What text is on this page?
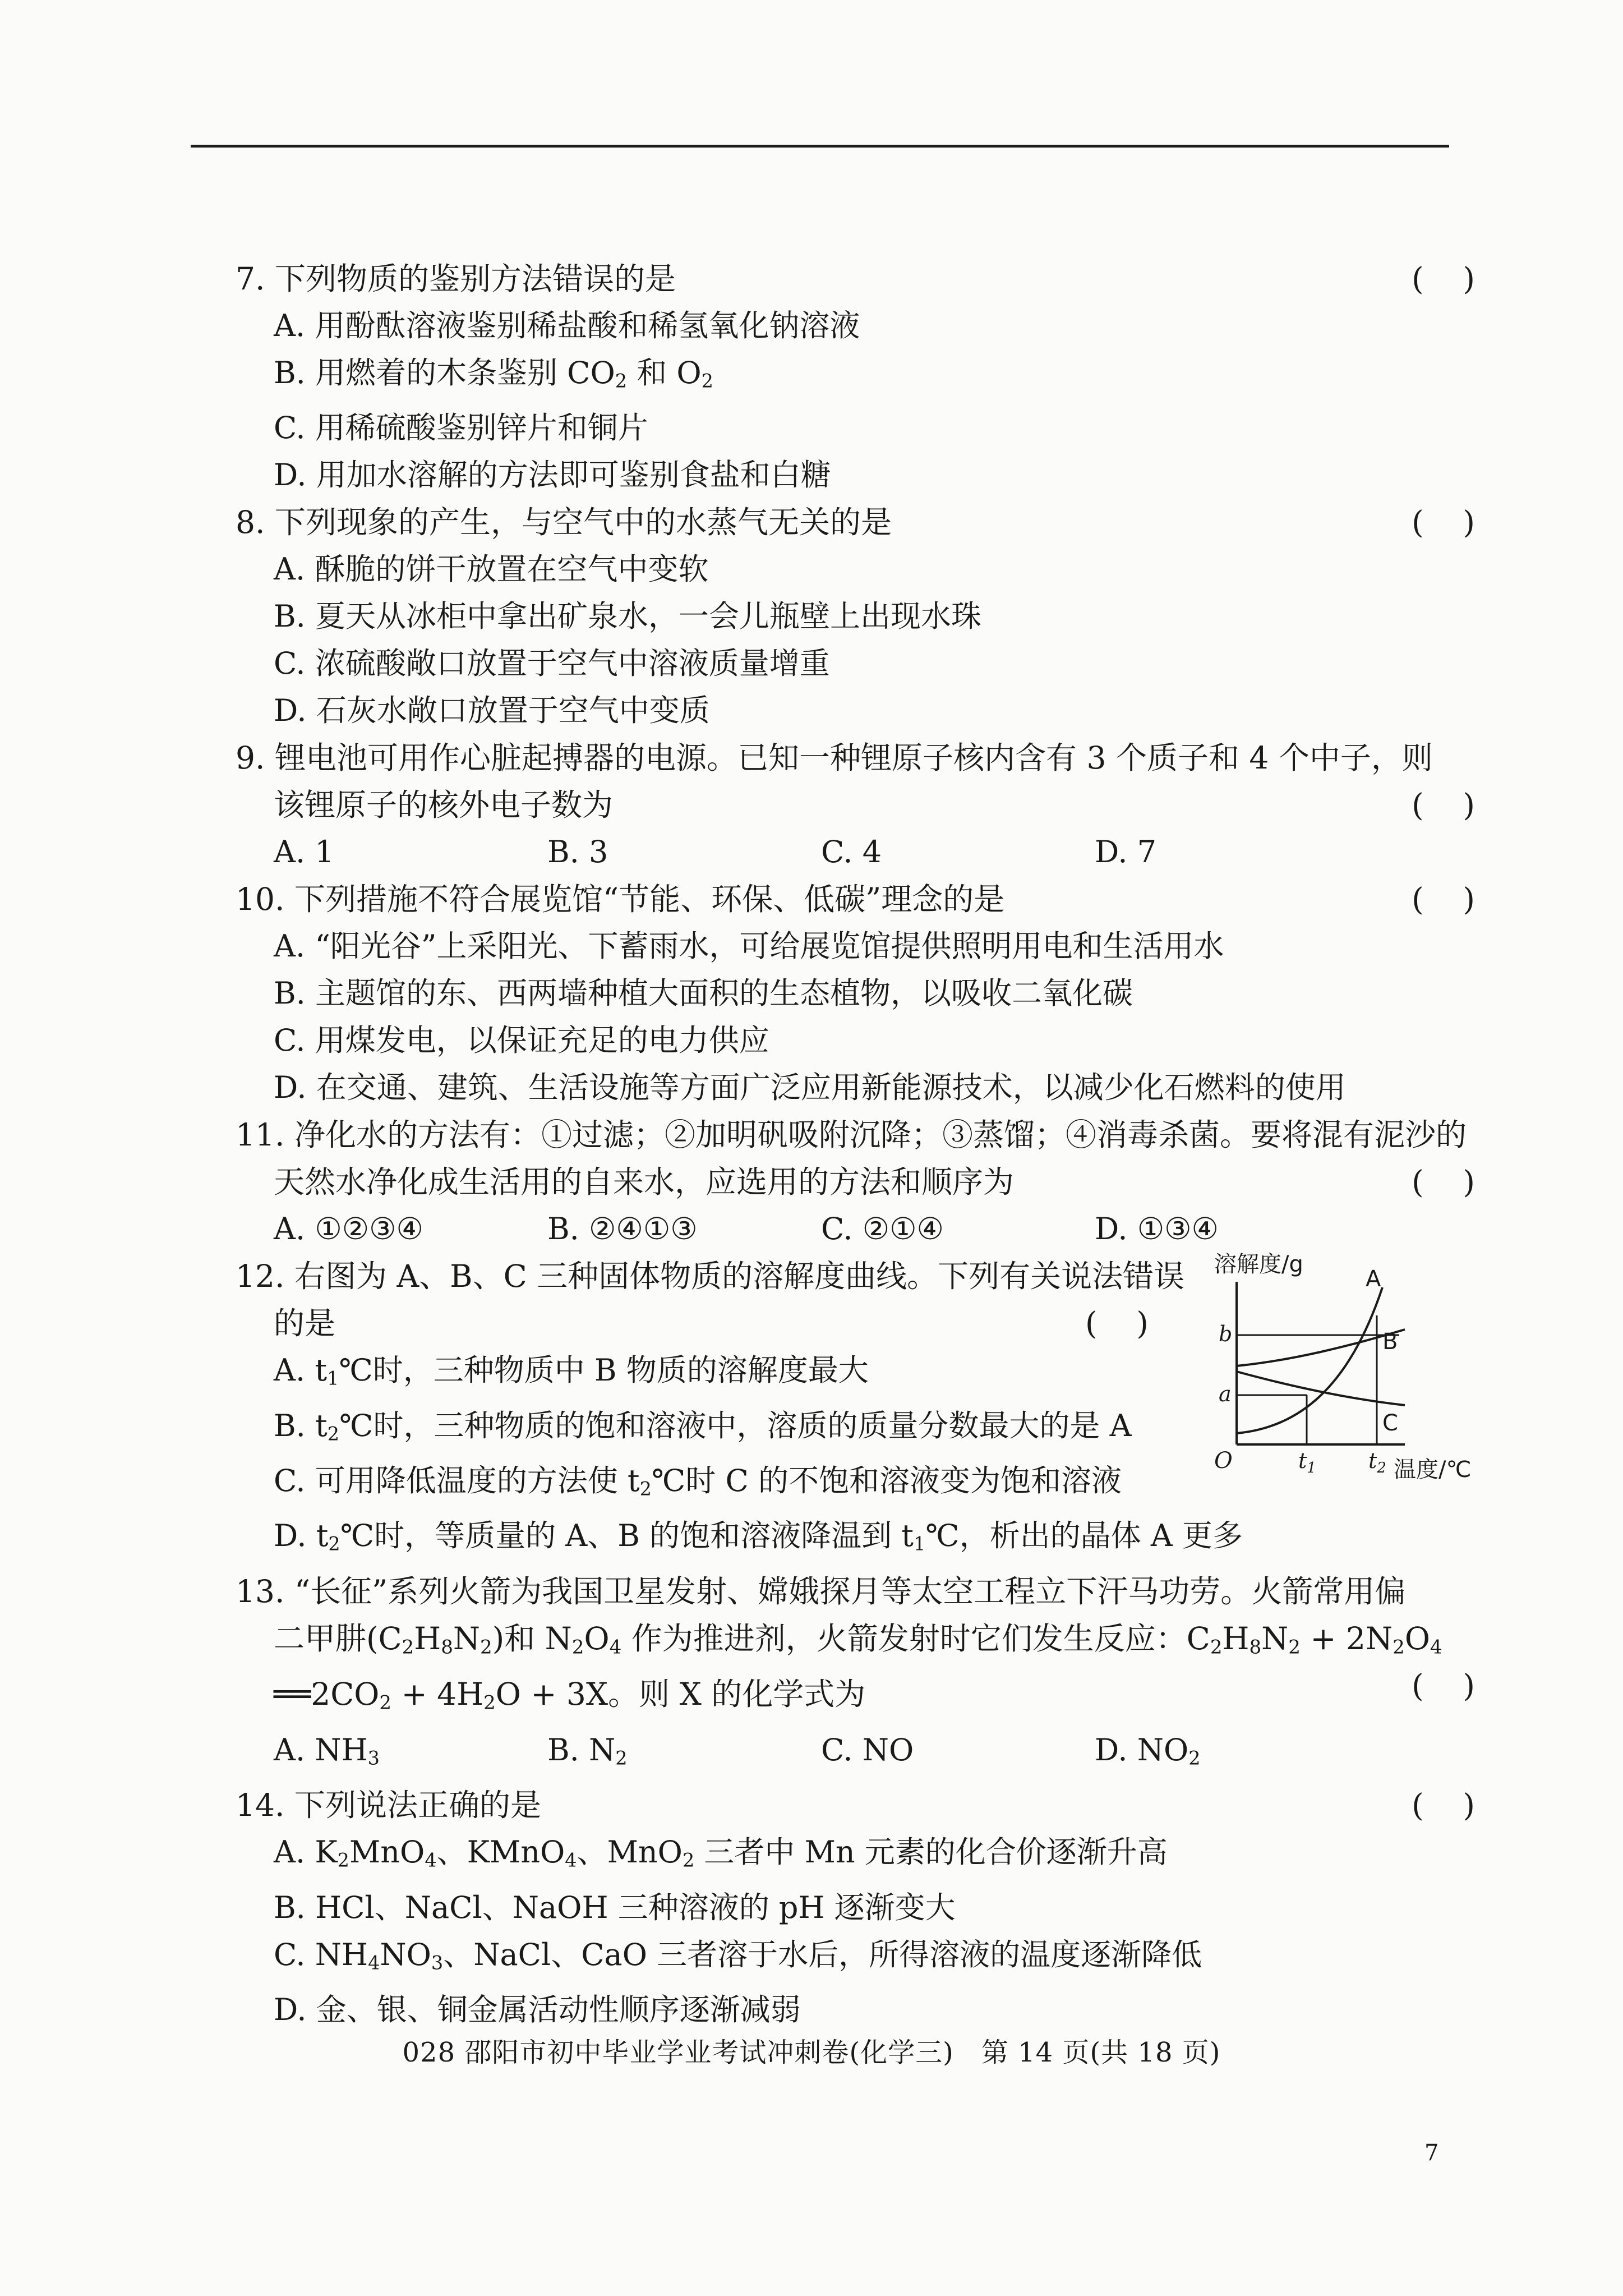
7. 下列物质的鉴别方法错误的是	(    )
A. 用酚酞溶液鉴别稀盐酸和稀氢氧化钠溶液
B. 用燃着的木条鉴别 $CO_2$ 和 $O_2$
C. 用稀硫酸鉴别锌片和铜片
D. 用加水溶解的方法即可鉴别食盐和白糖
8. 下列现象的产生，与空气中的水蒸气无关的是	(    )
A. 酥脆的饼干放置在空气中变软
B. 夏天从冰柜中拿出矿泉水，一会儿瓶壁上出现水珠
C. 浓硫酸敞口放置于空气中溶液质量增重
D. 石灰水敞口放置于空气中变质
9. 锂电池可用作心脏起搏器的电源。已知一种锂原子核内含有 3 个质子和 4 个中子，则
该锂原子的核外电子数为	(    )
A. 1	B. 3	C. 4	D. 7
10. 下列措施不符合展览馆“节能、环保、低碳”理念的是	(    )
A. “阳光谷”上采阳光、下蓄雨水，可给展览馆提供照明用电和生活用水
B. 主题馆的东、西两墙种植大面积的生态植物，以吸收二氧化碳
C. 用煤发电，以保证充足的电力供应
D. 在交通、建筑、生活设施等方面广泛应用新能源技术，以减少化石燃料的使用
11. 净化水的方法有：①过滤；②加明矾吸附沉降；③蒸馏；④消毒杀菌。要将混有泥沙的
天然水净化成生活用的自来水，应选用的方法和顺序为	(    )
A. ①②③④	B. ②④①③	C. ②①④	D. ①③④
12. 右图为 A、B、C 三种固体物质的溶解度曲线。下列有关说法错误
的是	(    )
A. $t_1℃$时，三种物质中 B 物质的溶解度最大
B. $t_2℃$时，三种物质的饱和溶液中，溶质的质量分数最大的是 A
C. 可用降低温度的方法使 $t_2℃$时 C 的不饱和溶液变为饱和溶液
D. $t_2℃$时，等质量的 A、B 的饱和溶液降温到 $t_1℃$，析出的晶体 A 更多
溶解度/g
A
B
C
b
a
O	$t_1$ $t_2$ 温度/℃
13. “长征”系列火箭为我国卫星发射、嫦娥探月等太空工程立下汗马功劳。火箭常用偏
二甲肼$(C_2H_8N_2)$和 $N_2O_4$ 作为推进剂，火箭发射时它们发生反应：$C_2H_8N_2 + 2N_2O_4$
$══2CO_2 + 4H_2O + 3X$。则 X 的化学式为	(    )
A. $NH_3$	B. $N_2$	C. NO	D. $NO_2$
14. 下列说法正确的是	(    )
A. $K_2MnO_4$、KMnO$_4$、MnO$_2$ 三者中 Mn 元素的化合价逐渐升高
B. HCl、NaCl、NaOH 三种溶液的 pH 逐渐变大
C. $NH_4NO_3$、NaCl、CaO 三者溶于水后，所得溶液的温度逐渐降低
D. 金、银、铜金属活动性顺序逐渐减弱
028 邵阳市初中毕业学业考试冲刺卷(化学三)　第 14 页(共 18 页)
7
